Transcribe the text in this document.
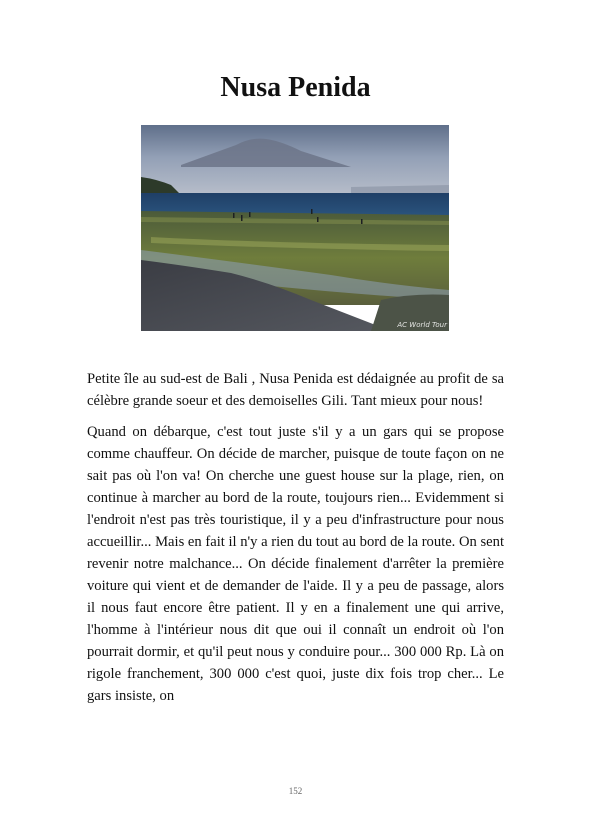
Nusa Penida
AC World Tour

Petite île au sud-est de Bali , Nusa Penida est dédaignée au profit de sa célèbre grande soeur et des demoiselles Gili. Tant mieux pour nous!

Quand on débarque, c'est tout juste s'il y a un gars qui se propose comme chauffeur. On décide de marcher, puisque de toute façon on ne sait pas où l'on va! On cherche une guest house sur la plage, rien, on continue à marcher au bord de la route, toujours rien... Evidemment si l'endroit n'est pas très touristique, il y a peu d'infrastructure pour nous accueillir... Mais en fait il n'y a rien du tout au bord de la route. On sent revenir notre malchance... On décide finalement d'arrêter la première voiture qui vient et de demander de l'aide. Il y a peu de passage, alors il nous faut encore être patient. Il y en a finalement une qui arrive, l'homme à l'intérieur nous dit que oui il connaît un endroit où l'on pourrait dormir, et qu'il peut nous y conduire pour... 300 000 Rp. Là on rigole franchement, 300 000 c'est quoi, juste dix fois trop cher... Le gars insiste, on

152
